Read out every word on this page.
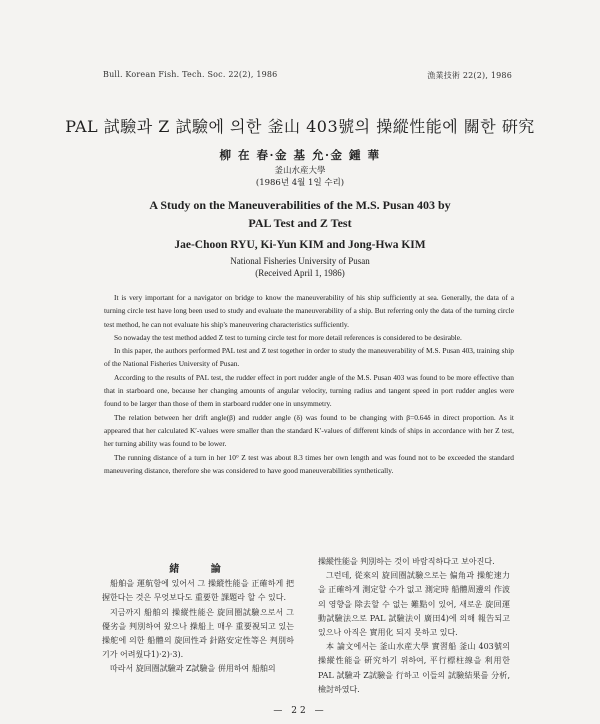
Bull. Korean Fish. Tech. Soc. 22(2), 1986	漁業技術 22(2), 1986
PAL 試驗과 Z 試驗에 의한 釜山 403號의 操縱性能에 關한 硏究
柳 在 春·金 基 允·金 鍾 華
釜山水産大學
(1986년 4월 1일 수리)
A Study on the Maneuverabilities of the M.S. Pusan 403 by
PAL Test and Z Test
Jae-Choon RYU, Ki-Yun KIM and Jong-Hwa KIM
National Fisheries University of Pusan
(Received April 1, 1986)

It is very important for a navigator on bridge to know the maneuverability of his ship sufficiently at sea. Generally, the data of a turning circle test have long been used to study and evaluate the maneuverability of a ship. But referring only the data of the turning circle test method, he can not evaluate his ship's maneuvering characteristics sufficiently.

So nowaday the test method added Z test to turning circle test for more detail references is considered to be desirable.

In this paper, the authors performed PAL test and Z test together in order to study the maneuverability of M.S. Pusan 403, training ship of the National Fisheries University of Pusan.

According to the results of PAL test, the rudder effect in port rudder angle of the M.S. Pusan 403 was found to be more effective than that in starboard one, because her changing amounts of angular velocity, turning radius and tangent speed in port rudder angles were found to be larger than those of them in starboard rudder one in unsymmetry.

The relation between her drift angle(β) and rudder angle (δ) was found to be changing with β=0.64δ in direct proportion. As it appeared that her calculated K′-values were smaller than the standard K′-values of different kinds of ships in accordance with her Z test, her turning ability was found to be lower.

The running distance of a turn in her 10° Z test was about 8.3 times her own length and was found not to be exceeded the standard maneuvering distance, therefore she was considered to have good maneuverabilities synthetically.

緒 論

船舶을 運航함에 있어서 그 操縱性能을 正確하게 把握한다는 것은 무엇보다도 重要한 課題라 할 수 있다.

지금까지 船舶의 操縱性能은 旋回圈試驗으로서 그 優劣을 判別하여 왔으나 操船上 매우 重要視되고 있는 操舵에 의한 船體의 旋回性과 針路安定性等은 判別하기가 어려웠다1)·2)·3).

따라서 旋回圈試驗과 Z試驗을 倂用하여 船舶의

操縱性能을 判別하는 것이 바람직하다고 보아진다.

그런데, 從來의 旋回圈試驗으로는 偏角과 操舵速力을 正確하게 測定할 수가 없고 測定時 船體周邊의 作波의 영향을 除去할 수 없는 難點이 있어, 새로운 旋回運動試驗法으로 PAL 試驗法이 廣田4)에 의해 報告되고 있으나 아직은 實用化 되지 못하고 있다.

本 論文에서는 釜山水産大學 實習船 釜山 403號의 操縱性能을 硏究하기 위하여, 平行標柱線을 利用한 PAL 試驗과 Z試驗을 行하고 이들의 試驗結果를 分析, 檢討하였다.

— 22 —
